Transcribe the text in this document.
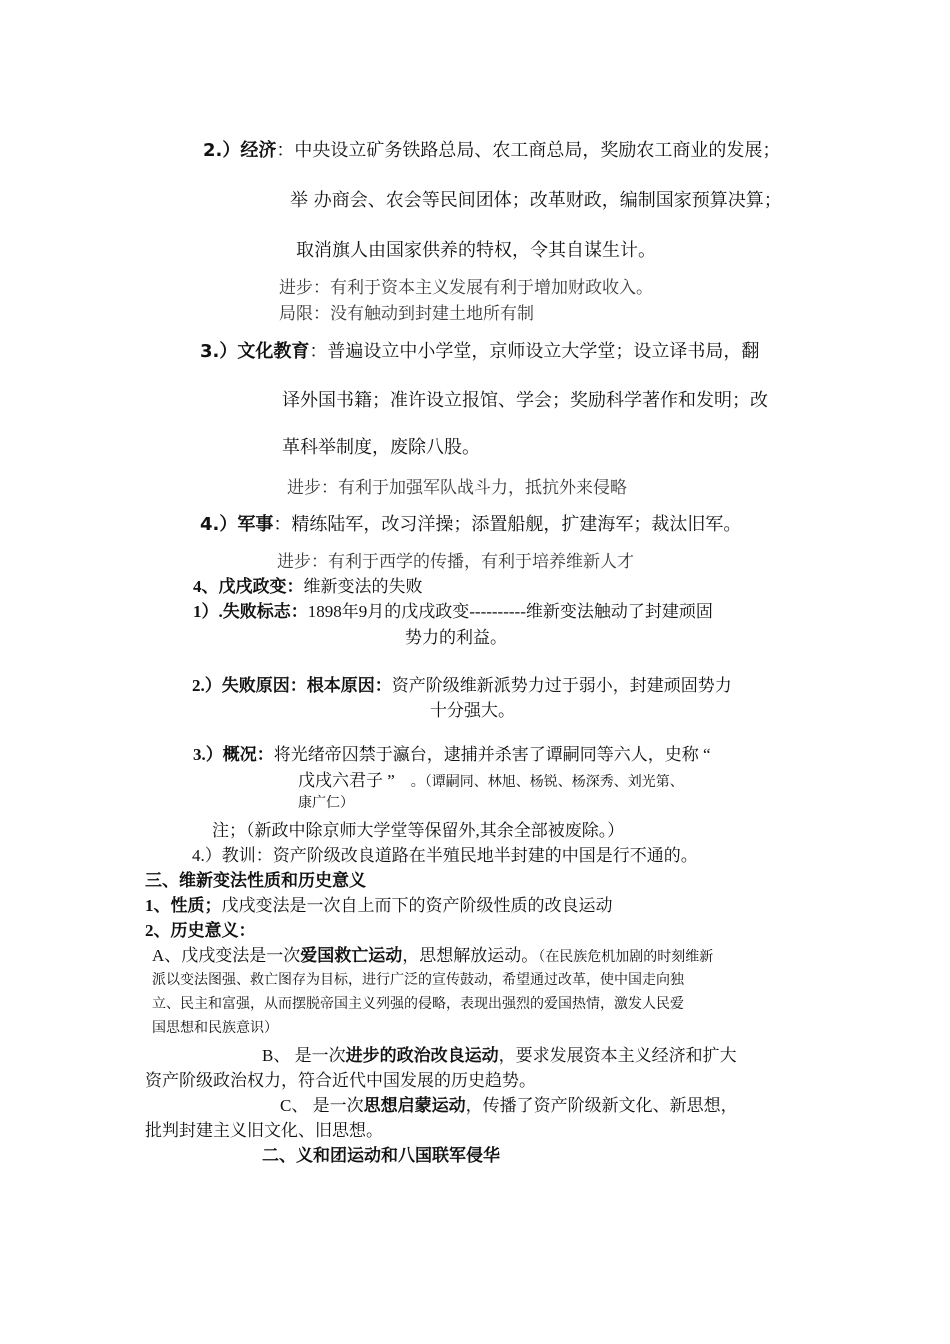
2.）经济：中央设立矿务铁路总局、农工商总局，奖励农工商业的发展；
举 办商会、农会等民间团体；改革财政，编制国家预算决算；
取消旗人由国家供养的特权，令其自谋生计。
进步：有利于资本主义发展有利于增加财政收入。
局限：没有触动到封建土地所有制
3.）文化教育：普遍设立中小学堂，京师设立大学堂；设立译书局，翻
译外国书籍；准许设立报馆、学会；奖励科学著作和发明；改
革科举制度，废除八股。
进步：有利于加强军队战斗力，抵抗外来侵略
4.）军事：精练陆军，改习洋操；添置船舰，扩建海军；裁汰旧军。
进步：有利于西学的传播，有利于培养维新人才
4、戊戌政变：维新变法的失败
1）.失败标志：1898年9月的戊戌政变----------维新变法触动了封建顽固
势力的利益。
2.）失败原因：根本原因：资产阶级维新派势力过于弱小，封建顽固势力
十分强大。
3.）概况：将光绪帝囚禁于瀛台，逮捕并杀害了谭嗣同等六人，史称 “
戊戌六君子 ” 。（谭嗣同、林旭、杨锐、杨深秀、刘光第、
康广仁）
注；（新政中除京师大学堂等保留外,其余全部被废除。）
4.）教训：资产阶级改良道路在半殖民地半封建的中国是行不通的。
三、维新变法性质和历史意义
1、性质；戊戌变法是一次自上而下的资产阶级性质的改良运动
2、历史意义：
A、戊戌变法是一次爱国救亡运动，思想解放运动。（在民族危机加剧的时刻维新
派以变法图强、救亡图存为目标，进行广泛的宣传鼓动，希望通过改革，使中国走向独
立、民主和富强，从而摆脱帝国主义列强的侵略，表现出强烈的爱国热情，激发人民爱
国思想和民族意识）
B、 是一次进步的政治改良运动，要求发展资本主义经济和扩大
资产阶级政治权力，符合近代中国发展的历史趋势。
C、 是一次思想启蒙运动，传播了资产阶级新文化、新思想，
批判封建主义旧文化、旧思想。
二、义和团运动和八国联军侵华
